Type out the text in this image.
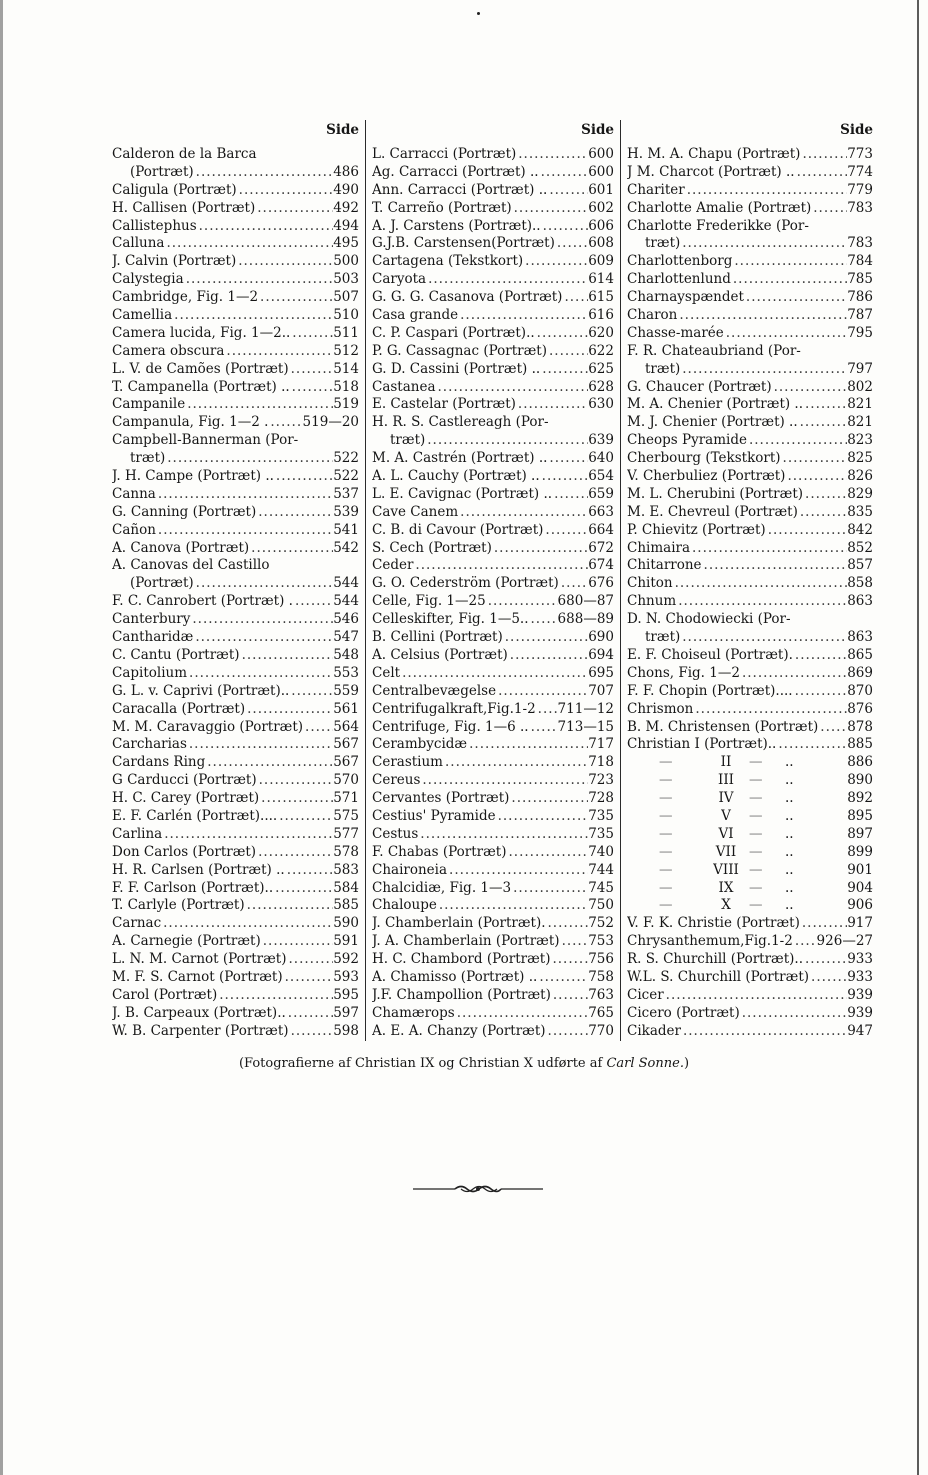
Side
Calderon de la Barca
(Portræt) .....	486
Caligula (Portræt) .....	490
H. Callisen (Portræt) .....	492
Callistephus .....	494
Calluna .....	495
J. Calvin (Portræt) .....	500
Calystegia .....	503
Cambridge, Fig. 1—2 .....	507
Camellia .....	510
Camera lucida, Fig. 1—2.. .....	511
Camera obscura .....	512
L. V. de Camões (Portræt) .....	514
T. Campanella (Portræt) .. .....	518
Campanile .....	519
Campanula, Fig. 1—2 . .....	519—20
Campbell-Bannerman (Por-
træt) .....	522
J. H. Campe (Portræt) .. .....	522
Canna .....	537
G. Canning (Portræt) .....	539
Cañon .....	541
A. Canova (Portræt) .....	542
A. Canovas del Castillo
(Portræt) .....	544
F. C. Canrobert (Portræt) . .....	544
Canterbury .....	546
Cantharidæ .....	547
C. Cantu (Portræt) .....	548
Capitolium .....	553
G. L. v. Caprivi (Portræt).. .....	559
Caracalla (Portræt) .....	561
M. M. Caravaggio (Portræt) ..... 564
Carcharias .....	567
Cardans Ring .....	567
G Carducci (Portræt) .....	570
H. C. Carey (Portræt) .....	571
E. F. Carlén (Portræt).... .....	575
Carlina .....	577
Don Carlos (Portræt) .....	578
H. R. Carlsen (Portræt) .. .....	583
F. F. Carlson (Portræt).. .....	584
T. Carlyle (Portræt) .....	585
Carnac .....	590
A. Carnegie (Portræt) .....	591
L. N. M. Carnot (Portræt) .....	592
M. F. S. Carnot (Portræt) .....	593
Carol (Portræt) .....	595
J. B. Carpeaux (Portræt).. .....	597
W. B. Carpenter (Portræt) .....	598
Side
L. Carracci (Portræt) .....	600
Ag. Carracci (Portræt) .. .....	600
Ann. Carracci (Portræt) .. .....	601
T. Carreño (Portræt) .....	602
A. J. Carstens (Portræt).. .....	606
G.J.B. Carstensen(Portræt) ..... 608
Cartagena (Tekstkort) .....	609
Caryota .....	614
G. G. G. Casanova (Portræt) ..... 615
Casa grande .....	616
C. P. Caspari (Portræt).. .....	620
P. G. Cassagnac (Portræt) .....	622
G. D. Cassini (Portræt) .. .....	625
Castanea .....	628
E. Castelar (Portræt) .....	630
H. R. S. Castlereagh (Por-
træt) .....	639
M. A. Castrén (Portræt) .. .....	640
A. L. Cauchy (Portræt) .. .....	654
L. E. Cavignac (Portræt) .. .....	659
Cave Canem .....	663
C. B. di Cavour (Portræt) .....	664
S. Cech (Portræt) .....	672
Ceder .....	674
G. O. Cederström (Portræt) ..... 676
Celle, Fig. 1—25 .....	680—87
Celleskifter, Fig. 1—5.. ..... 688—89
B. Cellini (Portræt) .....	690
A. Celsius (Portræt) .....	694
Celt .....	695
Centralbevægelse .....	707
Centrifugalkraft,Fig.1-2 ..... 711—12
Centrifuge, Fig. 1—6 .. ..... 713—15
Cerambycidæ .....	717
Cerastium .....	718
Cereus .....	723
Cervantes (Portræt) .....	728
Cestius' Pyramide .....	735
Cestus .....	735
F. Chabas (Portræt) .....	740
Chaironeia .....	744
Chalcidiæ, Fig. 1—3 .....	745
Chaloupe .....	750
J. Chamberlain (Portræt). .....	752
J. A. Chamberlain (Portræt) ..... 753
H. C. Chambord (Portræt) .....	756
A. Chamisso (Portræt) .. .....	758
J.F. Champollion (Portræt) .....	763
Chamærops .....	765
A. E. A. Chanzy (Portræt) .....	770
Side
H. M. A. Chapu (Portræt) .....	773
J M. Charcot (Portræt) .. .....	774
Chariter .....	779
Charlotte Amalie (Portræt) .....	783
Charlotte Frederikke (Por-
træt) .....	783
Charlottenborg .....	784
Charlottenlund .....	785
Charnayspændet .....	786
Charon .....	787
Chasse-marée .....	795
F. R. Chateaubriand (Por-
træt) .....	797
G. Chaucer (Portræt) .....	802
M. A. Chenier (Portræt) .. .....	821
M. J. Chenier (Portræt) .. .....	821
Cheops Pyramide .....	823
Cherbourg (Tekstkort) .....	825
V. Cherbuliez (Portræt) .....	826
M. L. Cherubini (Portræt) .....	829
M. E. Chevreul (Portræt) .....	835
P. Chievitz (Portræt) .....	842
Chimaira .....	852
Chitarrone .....	857
Chiton .....	858
Chnum .....	863
D. N. Chodowiecki (Por-
træt) .....	863
E. F. Choiseul (Portræt). .....	865
Chons, Fig. 1—2 .....	869
F. F. Chopin (Portræt).... .....	870
Chrismon .....	876
B. M. Christensen (Portræt) ..... 878
Christian I (Portræt).. .....	885
—	II — ..	886
—	III — ..	890
—	IV — ..	892
—	V — ..	895
—	VI — ..	897
—	VII — ..	899
—	VIII — ..	901
—	IX — ..	904
—	X — ..	906
V. F. K. Christie (Portræt) .....	917
Chrysanthemum,Fig.1-2 ..... 926—27
R. S. Churchill (Portræt).. .....	933
W.L. S. Churchill (Portræt) .....	933
Cicer .....	939
Cicero (Portræt) .....	939
Cikader .....	947
(Fotografierne af Christian IX og Christian X udførte af Carl Sonne.)
